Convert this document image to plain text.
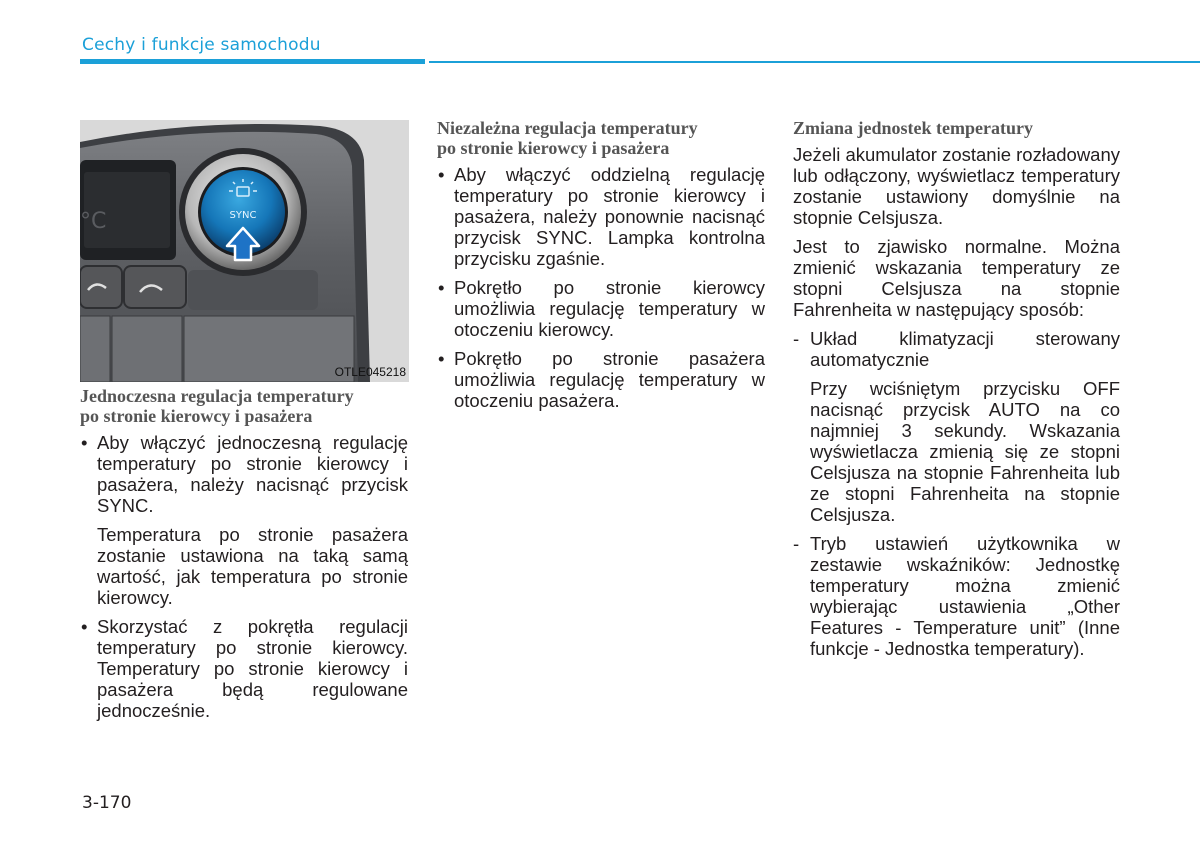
Cechy i funkcje samochodu
°C	SYNC
OTLE045218
Jednoczesna regulacja temperatury
po stronie kierowcy i pasażera
• Aby włączyć jednoczesną regulację temperatury po stronie kierowcy i pasażera, należy nacisnąć przycisk SYNC.

Temperatura po stronie pasażera zostanie ustawiona na taką samą wartość, jak temperatura po stronie kierowcy.

• Skorzystać z pokrętła regulacji temperatury po stronie kierowcy. Temperatury po stronie kierowcy i pasażera będą regulowane jednocześnie.
Niezależna regulacja temperatury
po stronie kierowcy i pasażera
• Aby włączyć oddzielną regulację temperatury po stronie kierowcy i pasażera, należy ponownie nacisnąć przycisk SYNC. Lampka kontrolna przycisku zgaśnie.
• Pokrętło po stronie kierowcy umożliwia regulację temperatury w otoczeniu kierowcy.
• Pokrętło po stronie pasażera umożliwia regulację temperatury w otoczeniu pasażera.
Zmiana jednostek temperatury

Jeżeli akumulator zostanie rozładowany lub odłączony, wyświetlacz temperatury zostanie ustawiony domyślnie na stopnie Celsjusza.

Jest to zjawisko normalne. Można zmienić wskazania temperatury ze stopni Celsjusza na stopnie Fahrenheita w następujący sposób:

- Układ klimatyzacji sterowany automatycznie

Przy wciśniętym przycisku OFF nacisnąć przycisk AUTO na co najmniej 3 sekundy. Wskazania wyświetlacza zmienią się ze stopni Celsjusza na stopnie Fahrenheita lub ze stopni Fahrenheita na stopnie Celsjusza.

- Tryb ustawień użytkownika w zestawie wskaźników: Jednostkę temperatury można zmienić wybierając ustawienia „Other Features - Temperature unit” (Inne funkcje - Jednostka temperatury).
3-170
